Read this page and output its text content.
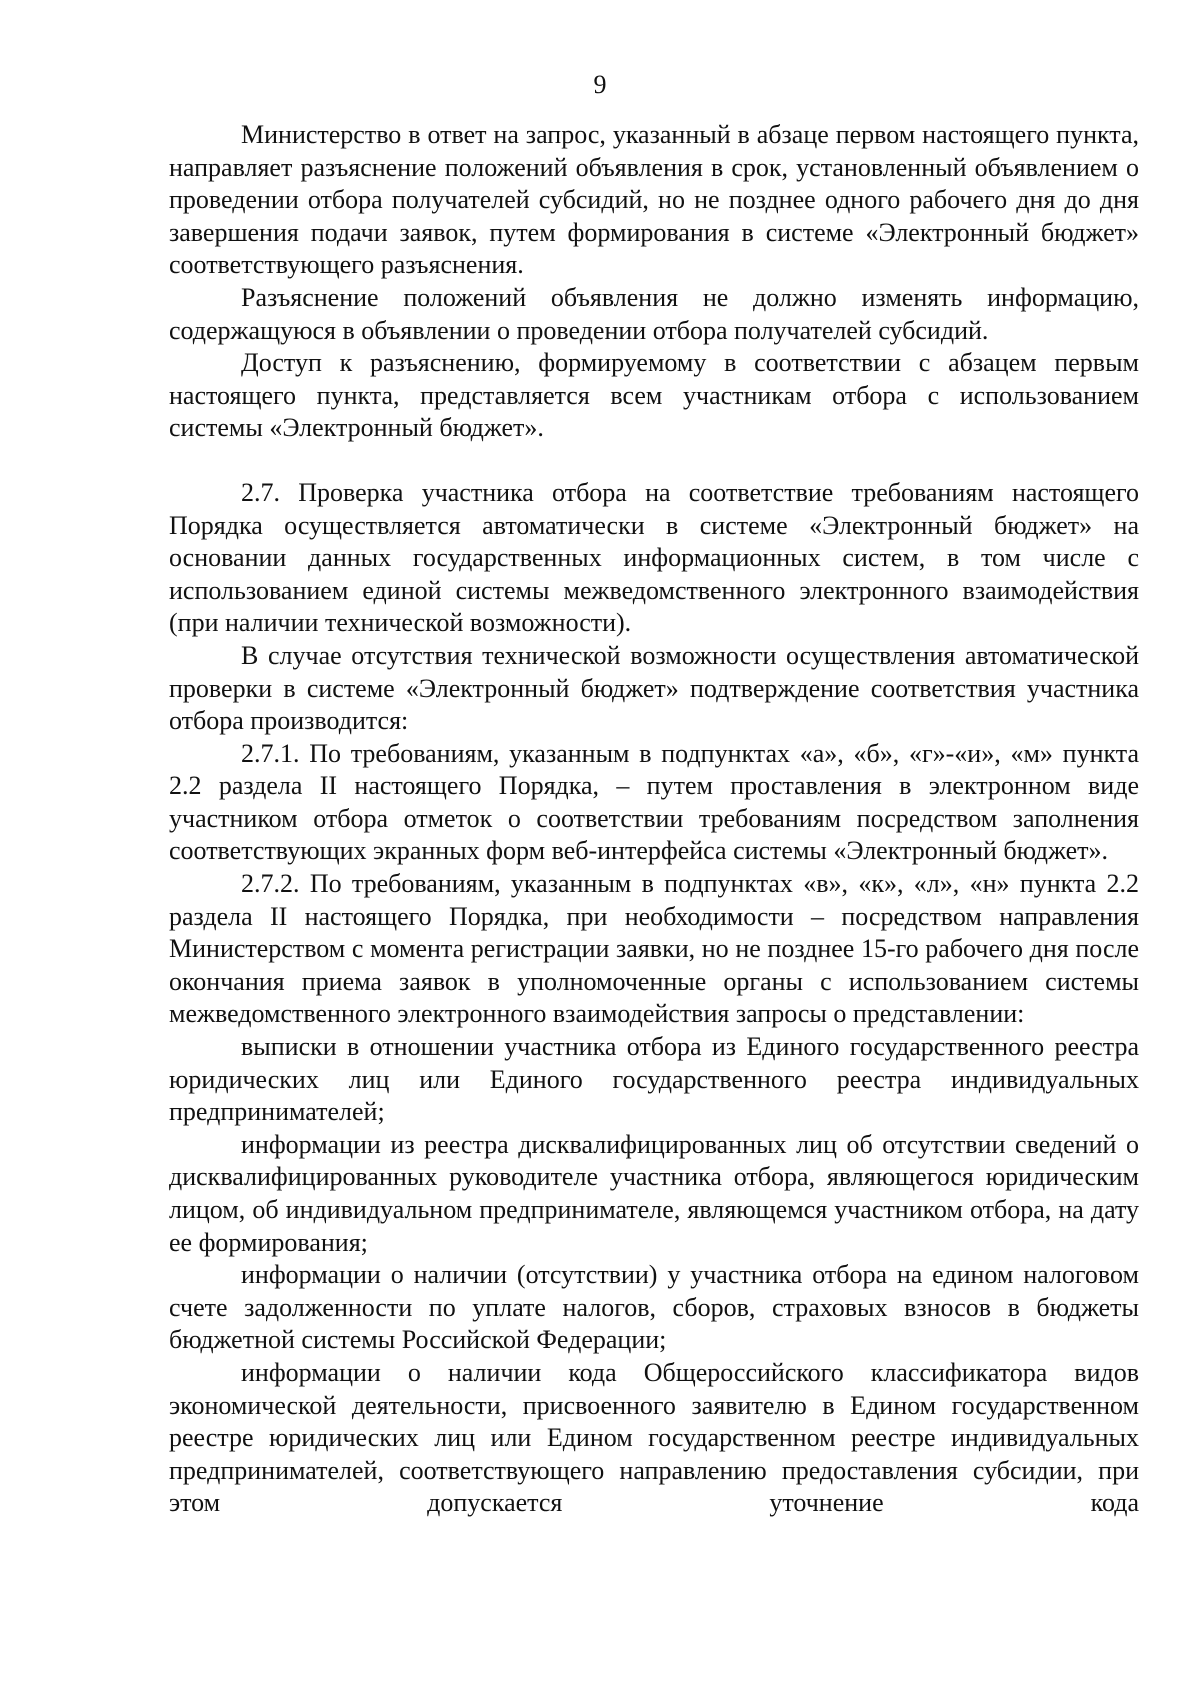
9

Министерство в ответ на запрос, указанный в абзаце первом настоящего пункта, направляет разъяснение положений объявления в срок, установленный объявлением о проведении отбора получателей субсидий, но не позднее одного рабочего дня до дня завершения подачи заявок, путем формирования в системе «Электронный бюджет» соответствующего разъяснения.

Разъяснение положений объявления не должно изменять информацию, содержащуюся в объявлении о проведении отбора получателей субсидий.

Доступ к разъяснению, формируемому в соответствии с абзацем первым настоящего пункта, представляется всем участникам отбора с использованием системы «Электронный бюджет».

2.7. Проверка участника отбора на соответствие требованиям настоящего Порядка осуществляется автоматически в системе «Электронный бюджет» на основании данных государственных информационных систем, в том числе с использованием единой системы межведомственного электронного взаимодействия (при наличии технической возможности).

В случае отсутствия технической возможности осуществления автоматической проверки в системе «Электронный бюджет» подтверждение соответствия участника отбора производится:

2.7.1. По требованиям, указанным в подпунктах «а», «б», «г»-«и», «м» пункта 2.2 раздела II настоящего Порядка, – путем проставления в электронном виде участником отбора отметок о соответствии требованиям посредством заполнения соответствующих экранных форм веб-интерфейса системы «Электронный бюджет».

2.7.2. По требованиям, указанным в подпунктах «в», «к», «л», «н» пункта 2.2 раздела II настоящего Порядка, при необходимости – посредством направления Министерством с момента регистрации заявки, но не позднее 15-го рабочего дня после окончания приема заявок в уполномоченные органы с использованием системы межведомственного электронного взаимодействия запросы о представлении:

выписки в отношении участника отбора из Единого государственного реестра юридических лиц или Единого государственного реестра индивидуальных предпринимателей;

информации из реестра дисквалифицированных лиц об отсутствии сведений о дисквалифицированных руководителе участника отбора, являющегося юридическим лицом, об индивидуальном предпринимателе, являющемся участником отбора, на дату ее формирования;

информации о наличии (отсутствии) у участника отбора на едином налоговом счете задолженности по уплате налогов, сборов, страховых взносов в бюджеты бюджетной системы Российской Федерации;

информации о наличии кода Общероссийского классификатора видов экономической деятельности, присвоенного заявителю в Едином государственном реестре юридических лиц или Едином государственном реестре индивидуальных предпринимателей, соответствующего направлению предоставления субсидии, при этом допускается уточнение кода
